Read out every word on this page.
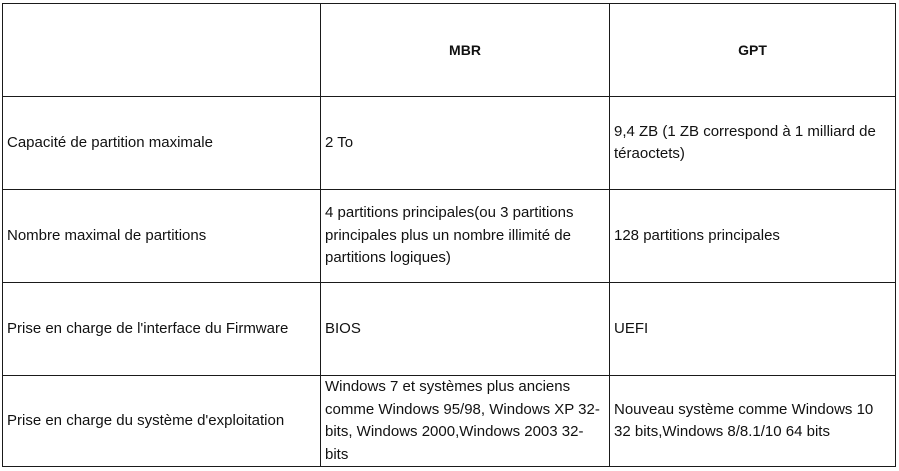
	MBR	GPT
Capacité de partition maximale	2 To	9,4 ZB (1 ZB correspond à 1 milliard de téraoctets)
Nombre maximal de partitions	4 partitions principales(ou 3 partitions principales plus un nombre illimité de partitions logiques)	128 partitions principales
Prise en charge de l'interface du Firmware	BIOS	UEFI
Prise en charge du système d'exploitation	Windows 7 et systèmes plus anciens comme Windows 95/98, Windows XP 32-bits, Windows 2000,Windows 2003 32-bits	Nouveau système comme Windows 10 32 bits,Windows 8/8.1/10 64 bits
